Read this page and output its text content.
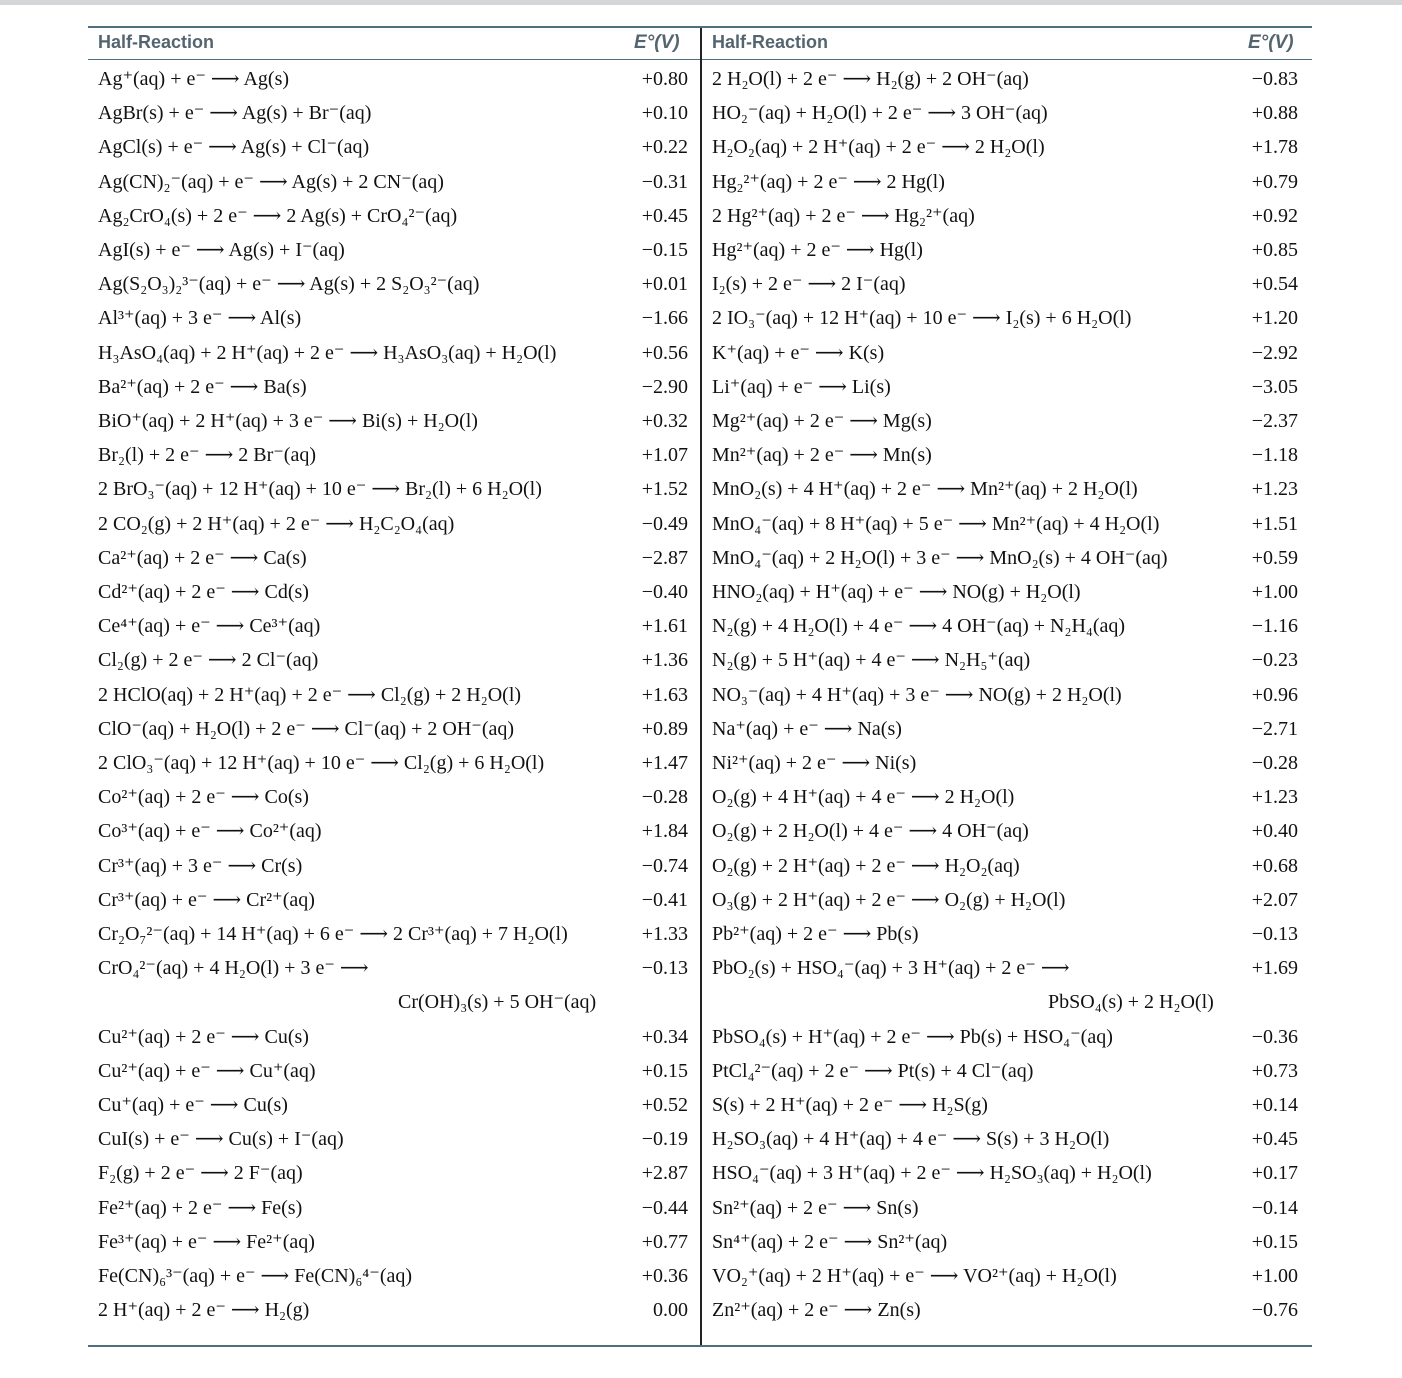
Half-Reaction	E°(V) Half-Reaction	E°(V)
Ag⁺(aq) + e⁻ ⟶ Ag(s)	+0.80
AgBr(s) + e⁻ ⟶ Ag(s) + Br⁻(aq)	+0.10
AgCl(s) + e⁻ ⟶ Ag(s) + Cl⁻(aq)	+0.22
Ag(CN)₂⁻(aq) + e⁻ ⟶ Ag(s) + 2 CN⁻(aq)	−0.31
Ag₂CrO₄(s) + 2 e⁻ ⟶ 2 Ag(s) + CrO₄²⁻(aq)	+0.45
AgI(s) + e⁻ ⟶ Ag(s) + I⁻(aq)	−0.15
Ag(S₂O₃)₂³⁻(aq) + e⁻ ⟶ Ag(s) + 2 S₂O₃²⁻(aq)	+0.01
Al³⁺(aq) + 3 e⁻ ⟶ Al(s)	−1.66
H₃AsO₄(aq) + 2 H⁺(aq) + 2 e⁻ ⟶ H₃AsO₃(aq) + H₂O(l)	+0.56
Ba²⁺(aq) + 2 e⁻ ⟶ Ba(s)	−2.90
BiO⁺(aq) + 2 H⁺(aq) + 3 e⁻ ⟶ Bi(s) + H₂O(l)	+0.32
Br₂(l) + 2 e⁻ ⟶ 2 Br⁻(aq)	+1.07
2 BrO₃⁻(aq) + 12 H⁺(aq) + 10 e⁻ ⟶ Br₂(l) + 6 H₂O(l)	+1.52
2 CO₂(g) + 2 H⁺(aq) + 2 e⁻ ⟶ H₂C₂O₄(aq)	−0.49
Ca²⁺(aq) + 2 e⁻ ⟶ Ca(s)	−2.87
Cd²⁺(aq) + 2 e⁻ ⟶ Cd(s)	−0.40
Ce⁴⁺(aq) + e⁻ ⟶ Ce³⁺(aq)	+1.61
Cl₂(g) + 2 e⁻ ⟶ 2 Cl⁻(aq)	+1.36
2 HClO(aq) + 2 H⁺(aq) + 2 e⁻ ⟶ Cl₂(g) + 2 H₂O(l)	+1.63
ClO⁻(aq) + H₂O(l) + 2 e⁻ ⟶ Cl⁻(aq) + 2 OH⁻(aq)	+0.89
2 ClO₃⁻(aq) + 12 H⁺(aq) + 10 e⁻ ⟶ Cl₂(g) + 6 H₂O(l)	+1.47
Co²⁺(aq) + 2 e⁻ ⟶ Co(s)	−0.28
Co³⁺(aq) + e⁻ ⟶ Co²⁺(aq)	+1.84
Cr³⁺(aq) + 3 e⁻ ⟶ Cr(s)	−0.74
Cr³⁺(aq) + e⁻ ⟶ Cr²⁺(aq)	−0.41
Cr₂O₇²⁻(aq) + 14 H⁺(aq) + 6 e⁻ ⟶ 2 Cr³⁺(aq) + 7 H₂O(l)	+1.33
CrO₄²⁻(aq) + 4 H₂O(l) + 3 e⁻ ⟶	−0.13
Cr(OH)₃(s) + 5 OH⁻(aq)
Cu²⁺(aq) + 2 e⁻ ⟶ Cu(s)	+0.34
Cu²⁺(aq) + e⁻ ⟶ Cu⁺(aq)	+0.15
Cu⁺(aq) + e⁻ ⟶ Cu(s)	+0.52
CuI(s) + e⁻ ⟶ Cu(s) + I⁻(aq)	−0.19
F₂(g) + 2 e⁻ ⟶ 2 F⁻(aq)	+2.87
Fe²⁺(aq) + 2 e⁻ ⟶ Fe(s)	−0.44
Fe³⁺(aq) + e⁻ ⟶ Fe²⁺(aq)	+0.77
Fe(CN)₆³⁻(aq) + e⁻ ⟶ Fe(CN)₆⁴⁻(aq)	+0.36
2 H⁺(aq) + 2 e⁻ ⟶ H₂(g)	0.00
2 H₂O(l) + 2 e⁻ ⟶ H₂(g) + 2 OH⁻(aq)	−0.83
HO₂⁻(aq) + H₂O(l) + 2 e⁻ ⟶ 3 OH⁻(aq)	+0.88
H₂O₂(aq) + 2 H⁺(aq) + 2 e⁻ ⟶ 2 H₂O(l)	+1.78
Hg₂²⁺(aq) + 2 e⁻ ⟶ 2 Hg(l)	+0.79
2 Hg²⁺(aq) + 2 e⁻ ⟶ Hg₂²⁺(aq)	+0.92
Hg²⁺(aq) + 2 e⁻ ⟶ Hg(l)	+0.85
I₂(s) + 2 e⁻ ⟶ 2 I⁻(aq)	+0.54
2 IO₃⁻(aq) + 12 H⁺(aq) + 10 e⁻ ⟶ I₂(s) + 6 H₂O(l)	+1.20
K⁺(aq) + e⁻ ⟶ K(s)	−2.92
Li⁺(aq) + e⁻ ⟶ Li(s)	−3.05
Mg²⁺(aq) + 2 e⁻ ⟶ Mg(s)	−2.37
Mn²⁺(aq) + 2 e⁻ ⟶ Mn(s)	−1.18
MnO₂(s) + 4 H⁺(aq) + 2 e⁻ ⟶ Mn²⁺(aq) + 2 H₂O(l)	+1.23
MnO₄⁻(aq) + 8 H⁺(aq) + 5 e⁻ ⟶ Mn²⁺(aq) + 4 H₂O(l)	+1.51
MnO₄⁻(aq) + 2 H₂O(l) + 3 e⁻ ⟶ MnO₂(s) + 4 OH⁻(aq)	+0.59
HNO₂(aq) + H⁺(aq) + e⁻ ⟶ NO(g) + H₂O(l)	+1.00
N₂(g) + 4 H₂O(l) + 4 e⁻ ⟶ 4 OH⁻(aq) + N₂H₄(aq)	−1.16
N₂(g) + 5 H⁺(aq) + 4 e⁻ ⟶ N₂H₅⁺(aq)	−0.23
NO₃⁻(aq) + 4 H⁺(aq) + 3 e⁻ ⟶ NO(g) + 2 H₂O(l)	+0.96
Na⁺(aq) + e⁻ ⟶ Na(s)	−2.71
Ni²⁺(aq) + 2 e⁻ ⟶ Ni(s)	−0.28
O₂(g) + 4 H⁺(aq) + 4 e⁻ ⟶ 2 H₂O(l)	+1.23
O₂(g) + 2 H₂O(l) + 4 e⁻ ⟶ 4 OH⁻(aq)	+0.40
O₂(g) + 2 H⁺(aq) + 2 e⁻ ⟶ H₂O₂(aq)	+0.68
O₃(g) + 2 H⁺(aq) + 2 e⁻ ⟶ O₂(g) + H₂O(l)	+2.07
Pb²⁺(aq) + 2 e⁻ ⟶ Pb(s)	−0.13
PbO₂(s) + HSO₄⁻(aq) + 3 H⁺(aq) + 2 e⁻ ⟶	+1.69
PbSO₄(s) + 2 H₂O(l)
PbSO₄(s) + H⁺(aq) + 2 e⁻ ⟶ Pb(s) + HSO₄⁻(aq)	−0.36
PtCl₄²⁻(aq) + 2 e⁻ ⟶ Pt(s) + 4 Cl⁻(aq)	+0.73
S(s) + 2 H⁺(aq) + 2 e⁻ ⟶ H₂S(g)	+0.14
H₂SO₃(aq) + 4 H⁺(aq) + 4 e⁻ ⟶ S(s) + 3 H₂O(l)	+0.45
HSO₄⁻(aq) + 3 H⁺(aq) + 2 e⁻ ⟶ H₂SO₃(aq) + H₂O(l)	+0.17
Sn²⁺(aq) + 2 e⁻ ⟶ Sn(s)	−0.14
Sn⁴⁺(aq) + 2 e⁻ ⟶ Sn²⁺(aq)	+0.15
VO₂⁺(aq) + 2 H⁺(aq) + e⁻ ⟶ VO²⁺(aq) + H₂O(l)	+1.00
Zn²⁺(aq) + 2 e⁻ ⟶ Zn(s)	−0.76
